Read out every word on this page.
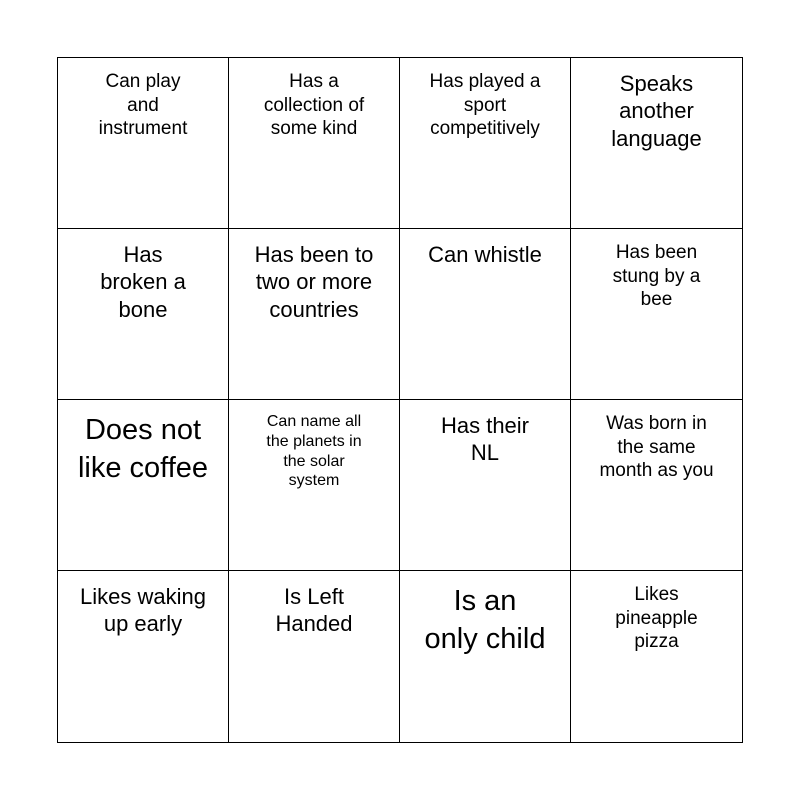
Can play
and
instrument
Has a
collection of
some kind
Has played a
sport
competitively
Speaks
another
language
Has
broken a
bone
Has been to
two or more
countries
Can whistle	Has been
stung by a
bee
Does not
like coffee
Can name all
the planets in
the solar
system
Has their
NL
Was born in
the same
month as you
Likes waking
up early
Is Left
Handed
Is an
only child
Likes
pineapple
pizza
